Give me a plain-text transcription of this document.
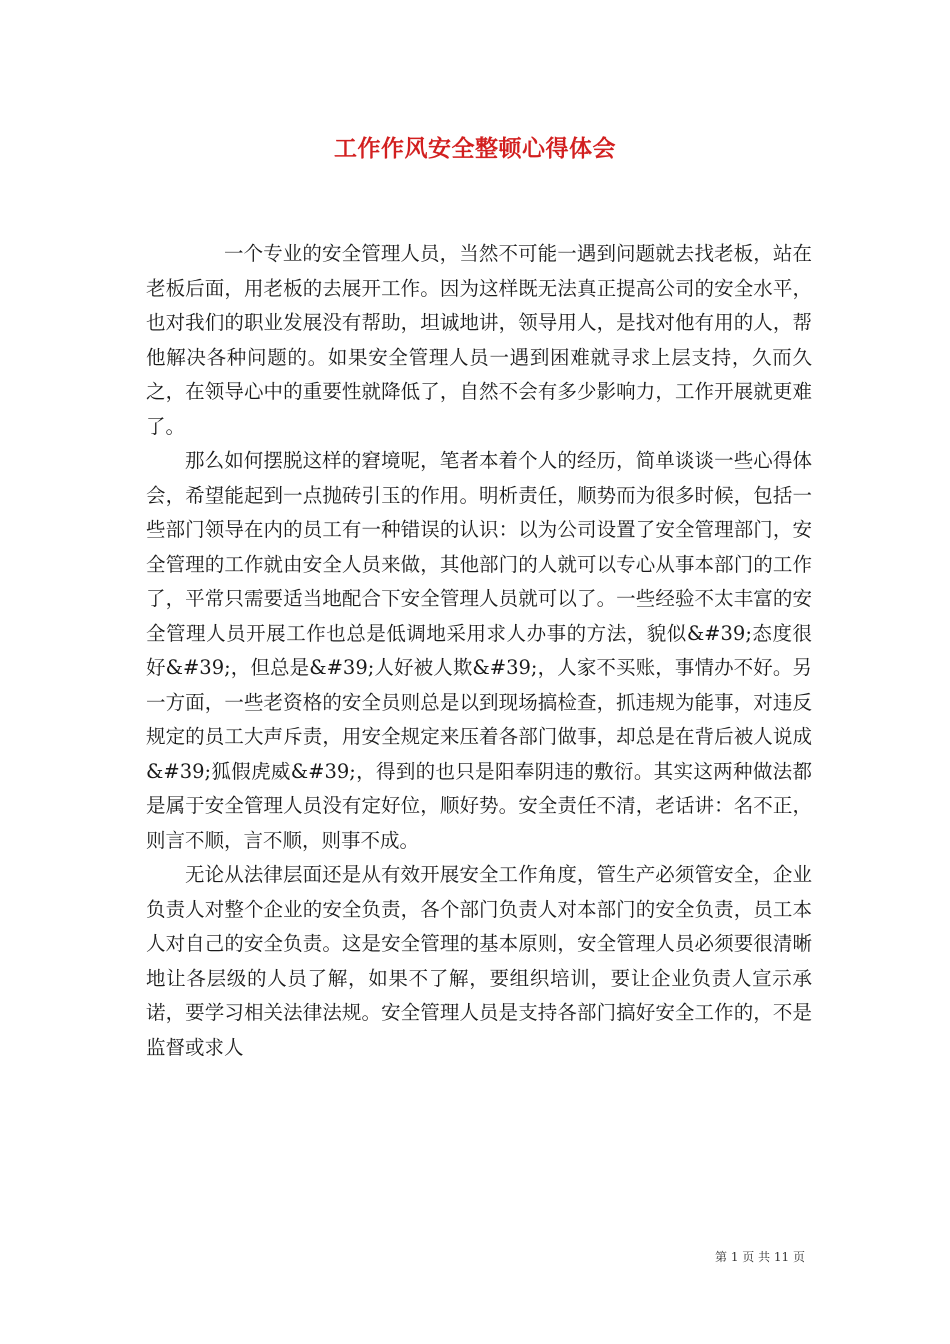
工作作风安全整顿心得体会

一个专业的安全管理人员，当然不可能一遇到问题就去找老板，站在老板后面，用老板的去展开工作。因为这样既无法真正提高公司的安全水平，也对我们的职业发展没有帮助，坦诚地讲，领导用人，是找对他有用的人，帮他解决各种问题的。如果安全管理人员一遇到困难就寻求上层支持，久而久之，在领导心中的重要性就降低了，自然不会有多少影响力，工作开展就更难了。

那么如何摆脱这样的窘境呢，笔者本着个人的经历，简单谈谈一些心得体会，希望能起到一点抛砖引玉的作用。明析责任，顺势而为很多时候，包括一些部门领导在内的员工有一种错误的认识：以为公司设置了安全管理部门，安全管理的工作就由安全人员来做，其他部门的人就可以专心从事本部门的工作了，平常只需要适当地配合下安全管理人员就可以了。一些经验不太丰富的安全管理人员开展工作也总是低调地采用求人办事的方法，貌似&#39;态度很好&#39;，但总是&#39;人好被人欺&#39;，人家不买账，事情办不好。另一方面，一些老资格的安全员则总是以到现场搞检查，抓违规为能事，对违反规定的员工大声斥责，用安全规定来压着各部门做事，却总是在背后被人说成&#39;狐假虎威&#39;，得到的也只是阳奉阴违的敷衍。其实这两种做法都是属于安全管理人员没有定好位，顺好势。安全责任不清，老话讲：名不正，则言不顺，言不顺，则事不成。

无论从法律层面还是从有效开展安全工作角度，管生产必须管安全，企业负责人对整个企业的安全负责，各个部门负责人对本部门的安全负责，员工本人对自己的安全负责。这是安全管理的基本原则，安全管理人员必须要很清晰地让各层级的人员了解，如果不了解，要组织培训，要让企业负责人宣示承诺，要学习相关法律法规。安全管理人员是支持各部门搞好安全工作的，不是监督或求人

第 1 页 共 11 页
